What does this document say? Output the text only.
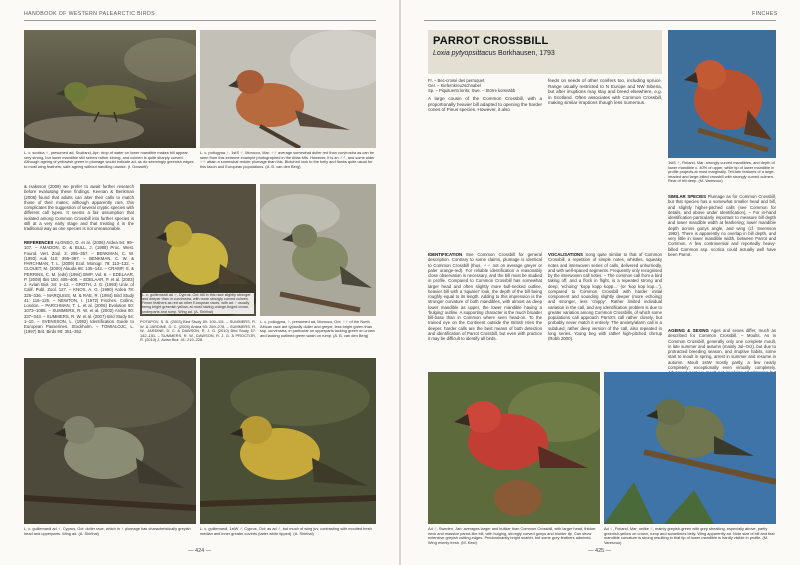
HANDBOOK OF WESTERN PALEARCTIC BIRDS

L. c. scotica ♀, presumed ad, Scotland, Apr: drop of water on lower mandible makes bill appear very strong, but lower mandible still seems rather strong, and culmen is quite sharply curved. Although ageing of yellowish green in plumage would indicate ad, as do seemingly greenish edges to most wing feathers, safe ageing without handling unwise. (I. Dowsett)

L. c. poliogyna ♀, 1stS ♂, Morocco, Mar: ♂♂ average somewhat duller red than curvirostra as can be seen from this extreme example photographed in the Atlas Mts. However, it is an ♂♂, and some older ♂♂ attain a somewhat redder plumage than this. Blotched look to the belly and flanks quite usual for this taxon and European populations. (A. B. van den Berg)

& Isaksson (2009) we prefer to await further research before evaluating these findings. Keenan & Benkman (2008) found that adults can alter their calls to match those of their mates; although apparently rare, this complicates the suggestion of several cryptic species with different call types. It seems a fair assumption that isolated among Common Crossbill into further species is still at a very early stage and that treating it in the traditional way as one species is not unreasonable.

REFERENCES ALONSO, D. et al. (2006) Ardea 94: 99–107. – AMADON, D. & BULL, J. (1988) Proc. West. Found. Vert. Zool. 3: 295–357. – BENKMAN, C. W. (1993) Auk 110: 395–397. – BENKMAN, C. W. & PARCHMAN, T. L. (2009) Ecol. Monogr. 79: 113–132. – CLOUET, M. (2000) Alauda 68: 135–142. – CRAMP, S. & PERRINS, C. M. (eds) (1994) BWP, Vol. 8. – EDELAAR, P. (2008) Ibis 150: 405–408. – EDELAAR, P. et al. (2003) J. Avian Biol. 34: 1–12. – GROTH, J. G. (1993) Univ. of Calif. Publ. Zool. 127. – KNOX, A. G. (1990) Ardea 78: 325–336. – MARQUISS, M. & RAE, R. (1994) Bird Study 41: 116–125. – NEWTON, I. (1972) Finches. Collins, London. – PARCHMAN, T. L. et al. (2006) Evolution 60: 1073–1085. – SUMMERS, R. W. et al. (2002) Ardea 90: 337–343. – SUMMERS, R. W. et al. (2007) Bird Study 54: 1–10. – SVENSSON, L. (1992) Identification Guide to European Passerines. Stockholm. – TOMIALOJC, L. (1997) Brit. Birds 90: 351–352.

L. c. guillemardi ad ♂, Cyprus, Oct: bill in this race slightly stronger and deeper than in curvirostra, with more strongly curved culmen. Fewer feathers as red as other European races, with ad ♂ usually being bright greenish yellow, at most having orange-tinged crown, underparts and rump. Wing ad. (A. Shirihai)

POTAPOV, S. B. (2003) Bird Study 50: 100–111. – SUMMERS, R. W. & JARDINE, D. C. (2005) Ardea 93: 269–278. – SUMMERS, R. W., JARDINE, D. C. & DAWSON, R. J. G. (2010) Bird Study 57: 142–151. – SUMMERS, R. W., DAWSON, R. J. G. & PROCTOR, R. (2010) J. Avian Biol. 41: 219–228.

L. c. poliogyna, ♀, presumed ad, Morocco, Oct: ♀♀ of the North African race are typically duller and greyer, less bright green than ssp. curvirostra, in particular on upperparts lacking green on crown and lacking outlined green wash on rump. (A. B. van den Berg)

L. c. guillemardi ad ♀, Cyprus, Oct: duller race, which in ♀ plumage has characteristically greyish head and upperparts. Wing ad. (A. Shirihai)

L. c. guillemardi, 1stW ♂, Cyprus, Oct: as ad ♂, but much of wing juv, contrasting with moulted fresh median and inner greater coverts (latter white tipped). (A. Shirihai)

— 424 —
FINCHES
PARROT CROSSBILL

Loxia pytyopsittacus Borkhausen, 1793

Fr. – Bec-croisé des perroquet
Ger. – Kiefernkreuzschnabel
Sp. – Piquituerto lorito; Swe. – Större korsnäbb

A large cousin of the Common Crossbill, with a proportionally heavier bill adapted to opening the harder cones of Pinus species. However, it also

feeds on seeds of other conifers too, including spruce. Range usually restricted to N Europe and NW Siberia, but after irruptions may stay and breed elsewhere, e.g. in Scotland. Often associates with Common Crossbill, making similar irruptions though less numerous.

1stS ♂, Finland, Mar: strongly curved mandibles, and depth of lower mandible c. 40% of upper, while tip of lower mandible in profile projects at most marginally. Tell-tale features of a large-headed and large-billed crossbill with strongly curved culmen. Rear of bill deep. (M. Varesvuo)

IDENTIFICATION See Common Crossbill for general description. Contrary to some claims, plumage is identical to Common Crossbill (thus, ♂♂ not on average greyer or paler orange-red). For reliable identification a reasonably close observation is necessary, and the bill must be studied in profile. Compared to Common Crossbill has somewhat larger head and often slightly more bull-necked outline, heavier bill with a 'squarer' look, the depth of the bill being roughly equal to its length. Adding to this impression is the stronger curvature of both mandibles, with almost as deep lower mandible as upper, the lower mandible having a 'bulging' outline. A supporting character is the much broader bill-base than in Common where seen head-on. To the trained eye on the Continent outside the British Isles the deeper, harder calls are the best means of both detection and identification of Parrot Crossbill, but even with practice it may be difficult to identify all birds.

VOCALISATIONS Song quite similar to that of Common Crossbill, a repetition of simple notes, whistles, squeaky notes and interwoven series of calls, delivered unhurriedly, and with well-spaced segments. Frequently only recognised by the interwoven call notes. – The common call from a bird taking off, and a flock in flight, is a repeated strong and deep, 'echoing' 'kopp kopp kopp…' (or 'kop kop kop…'), compared to Common Crossbill with harder initial component and sounding slightly deeper (more echoing) and stronger, less 'chippy'. Rather limited individual variation in the call, and any identification problem is due to greater variation among Common Crossbills, of which some populations call approach Parrot's call rather closely, but probably never match it entirely. The anxiety/alarm call is a subdued, rather deep version of the call, also repeated in long series. Young beg with rather high-pitched chirrup (Robb 2000).

SIMILAR SPECIES Plumage as for Common Crossbill, but that species has a somewhat smaller head and bill, and slightly higher-pitched calls (see Common for details, and above under Identification). – For in-hand identification particularly important to measure bill depth and lower mandible width at feathering; lower mandible depth across gonys angle, and wing (cf. Svensson 1992). There is apparently no overlap in bill depth, and very little in lower mandible width, between Parrot and Common. A few controversial and reportedly heavy-billed Common ssp. scotica could actually well have been Parrot.

AGEING & SEXING Ages and sexes differ, much as described for Common Crossbill. – Moults. As in Common Crossbill, generally only one complete moult, in late summer and autumn (mainly Jul–Oct), but due to protracted breeding season, and irruptive habits, some start to moult in spring, arrest in summer and resume in autumn. Moult 1stW mostly partly, a few nearly completely; exceptionally even virtually completely.

Ad ♂, Sweden, Jan: averages larger and bulkier than Common Crossbill, with larger head, thicker neck and massive parrot-like bill, with bulging, strongly curved gonys and blunter tip. Can show extensive greyish cutting edges. Predominantly bright scarlet, but some grey feathers admixed. Wing evenly fresh. (M. Kest)

Ad ♀, Finland, Mar: unlike ♂, mainly greyish-green with grey streaking, especially above, partly greenish-yellow on crown, rump and sometimes belly. Wing apparently ad. Note size of bill and that mandible curvature is strong resulting in that tip of lower mandible is hardly visible in profile. (M. Varesvuo)

— 425 —
